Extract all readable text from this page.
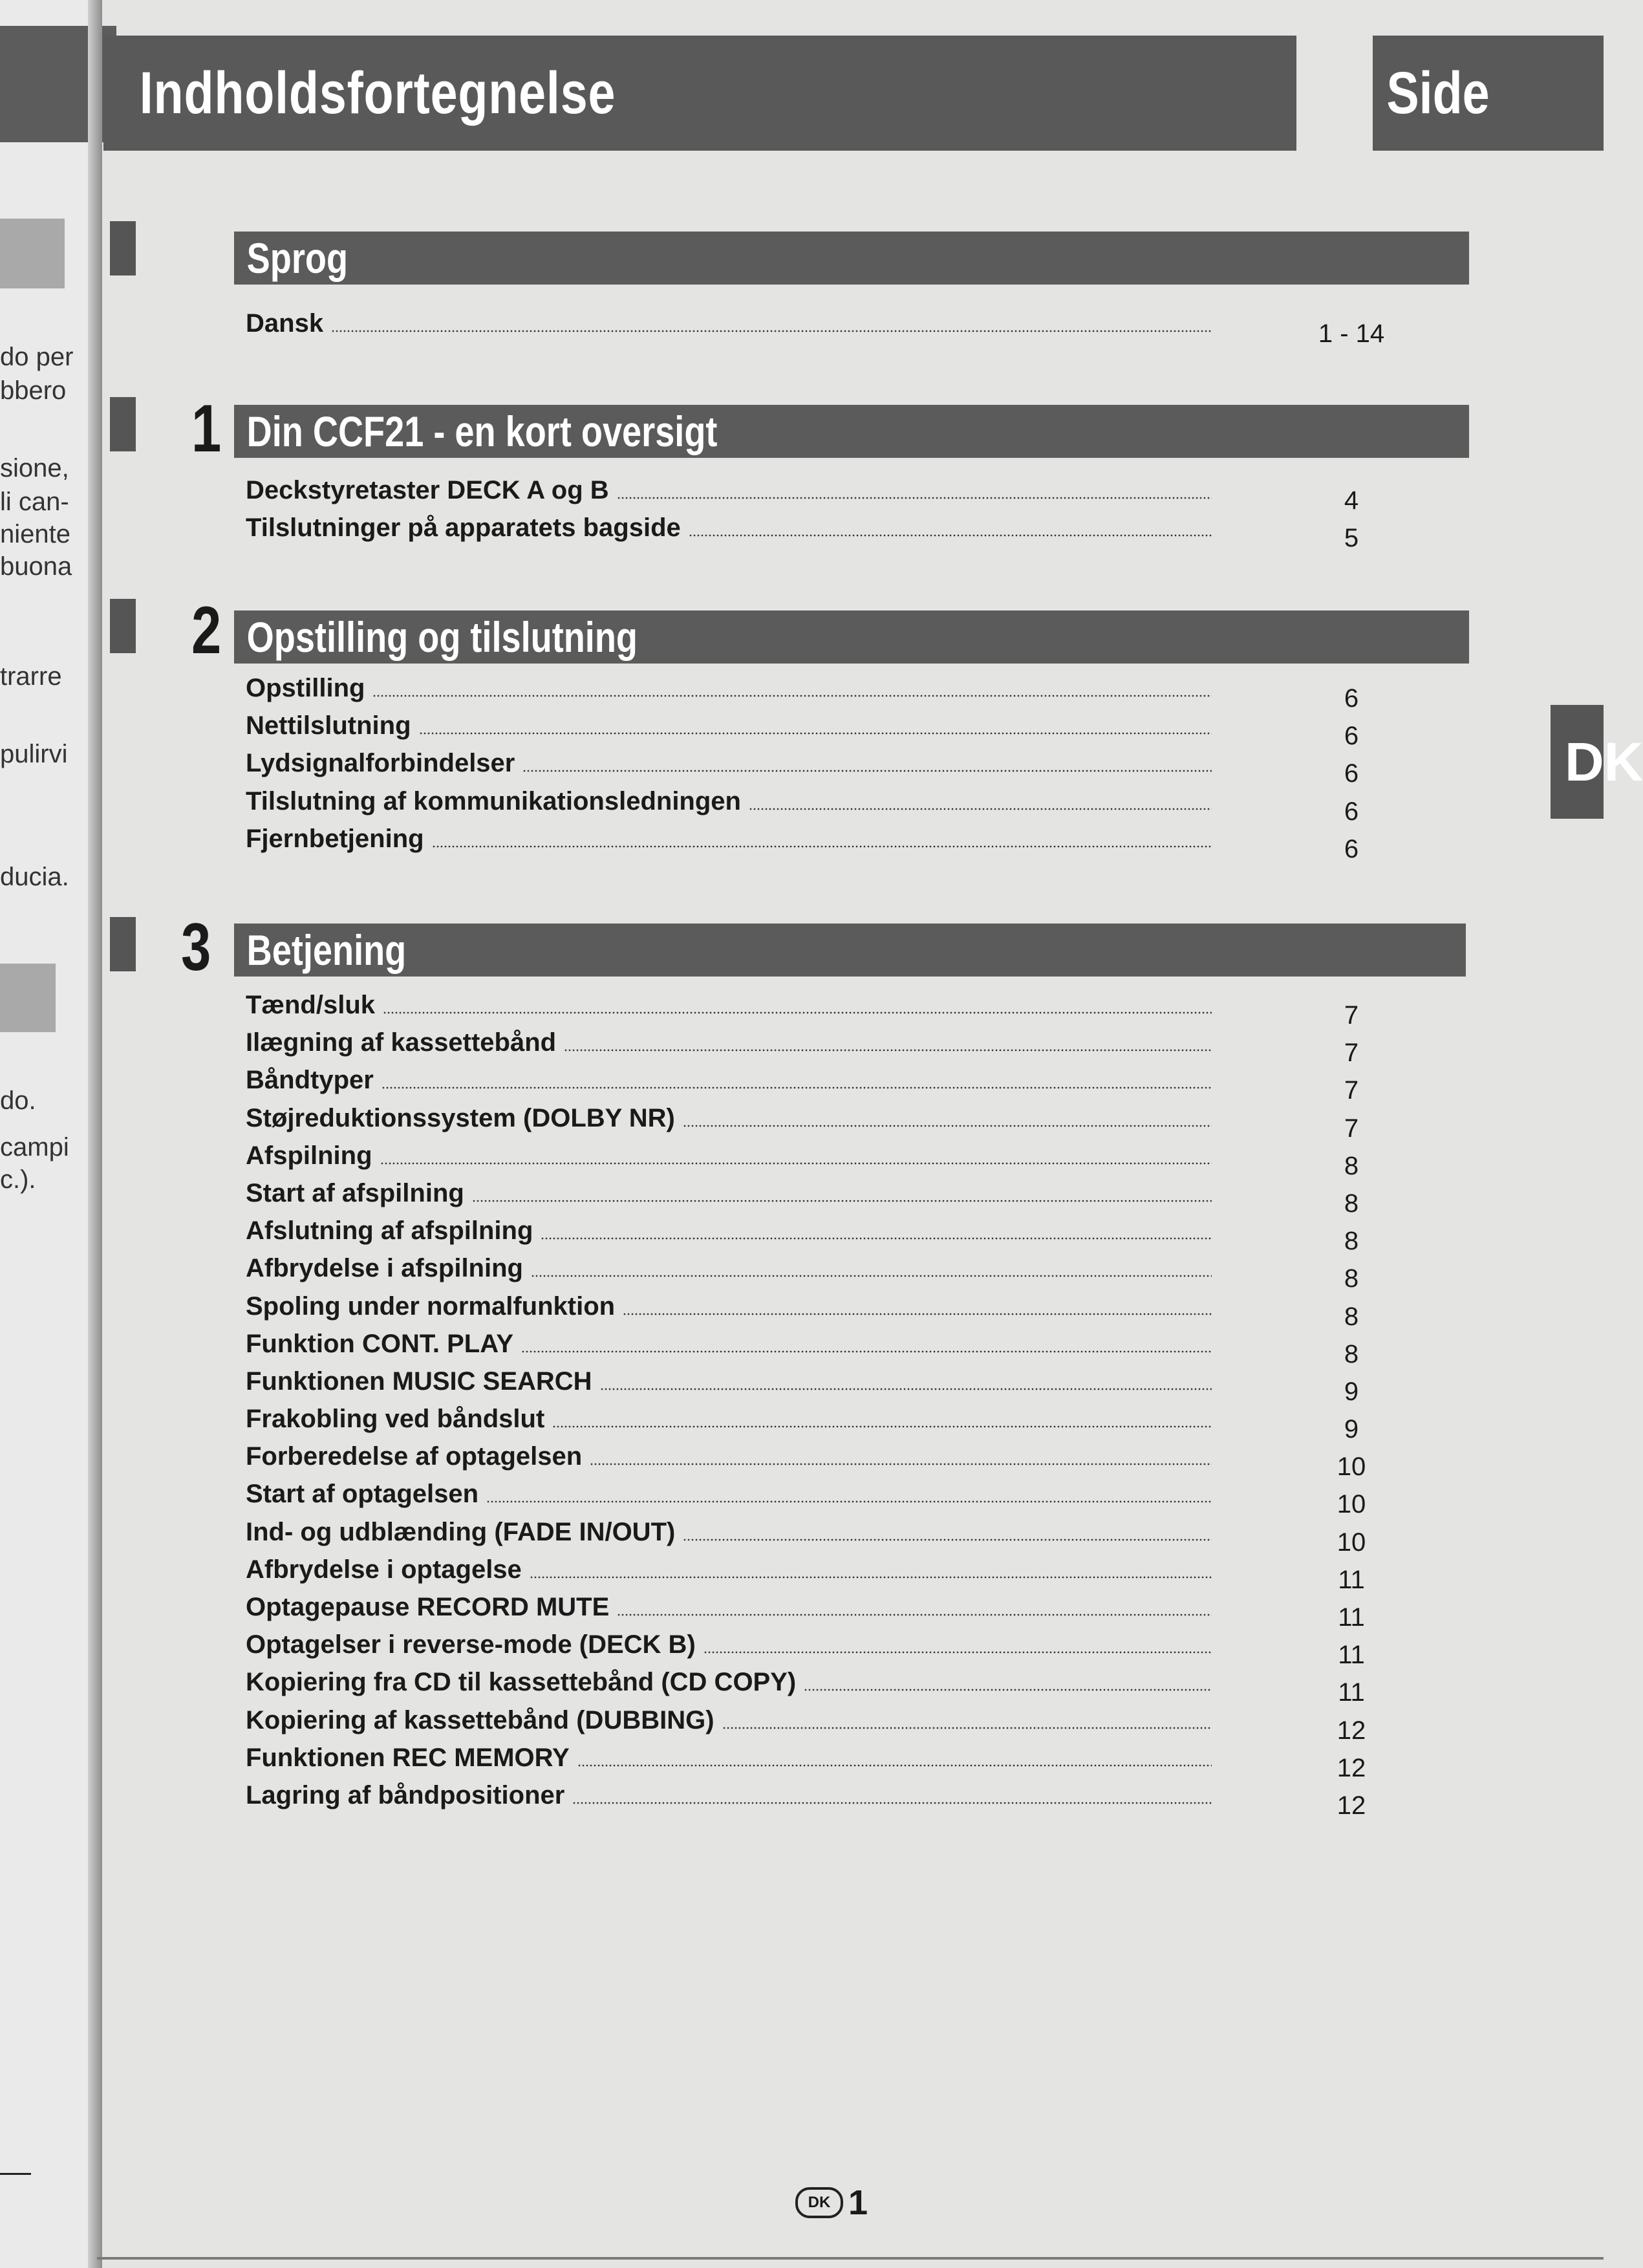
do per
bbero
sione,
li can-
niente
buona
trarre
pulirvi
ducia.
do.
campi
c.).
Indholdsfortegnelse	Side
DK
Sprog
Dansk	1 - 14
1 Din CCF21 - en kort oversigt
Deckstyretaster DECK A og B	4
Tilslutninger på apparatets bagside	5
2 Opstilling og tilslutning
Opstilling	6
Nettilslutning	6
Lydsignalforbindelser	6
Tilslutning af kommunikationsledningen	6
Fjernbetjening	6
3 Betjening
Tænd/sluk	7
Ilægning af kassettebånd	7
Båndtyper	7
Støjreduktionssystem (DOLBY NR)	7
Afspilning	8
Start af afspilning	8
Afslutning af afspilning	8
Afbrydelse i afspilning	8
Spoling under normalfunktion	8
Funktion CONT. PLAY	8
Funktionen MUSIC SEARCH	9
Frakobling ved båndslut	9
Forberedelse af optagelsen	10
Start af optagelsen	10
Ind- og udblænding (FADE IN/OUT)	10
Afbrydelse i optagelse	11
Optagepause RECORD MUTE	11
Optagelser i reverse-mode (DECK B)	11
Kopiering fra CD til kassettebånd (CD COPY)	11
Kopiering af kassettebånd (DUBBING)	12
Funktionen REC MEMORY	12
Lagring af båndpositioner	12
DK 1
